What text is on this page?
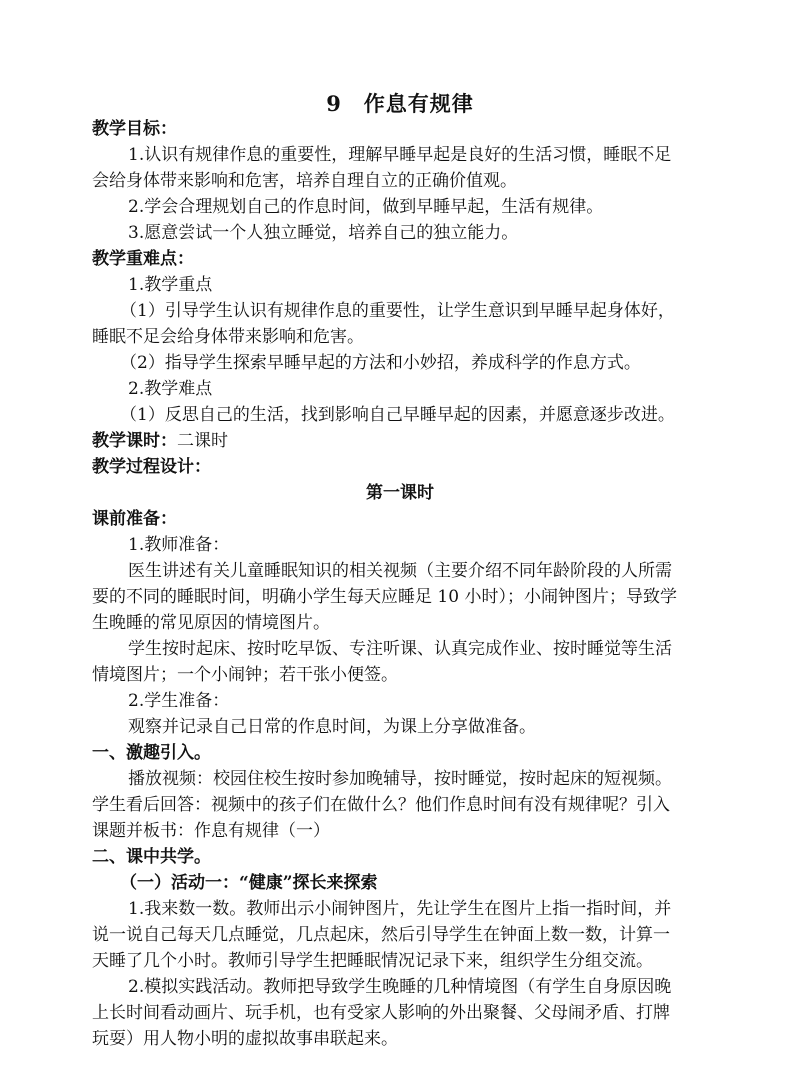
9　作息有规律
教学目标：
1.认识有规律作息的重要性，理解早睡早起是良好的生活习惯，睡眠不足
会给身体带来影响和危害，培养自理自立的正确价值观。
2.学会合理规划自己的作息时间，做到早睡早起，生活有规律。
3.愿意尝试一个人独立睡觉，培养自己的独立能力。
教学重难点：
1.教学重点
（1）引导学生认识有规律作息的重要性，让学生意识到早睡早起身体好，
睡眠不足会给身体带来影响和危害。
（2）指导学生探索早睡早起的方法和小妙招，养成科学的作息方式。
2.教学难点
（1）反思自己的生活，找到影响自己早睡早起的因素，并愿意逐步改进。
教学课时：二课时
教学过程设计：
第一课时
课前准备：
1.教师准备：
医生讲述有关儿童睡眠知识的相关视频（主要介绍不同年龄阶段的人所需
要的不同的睡眠时间，明确小学生每天应睡足 10 小时）；小闹钟图片；导致学
生晚睡的常见原因的情境图片。
学生按时起床、按时吃早饭、专注听课、认真完成作业、按时睡觉等生活
情境图片；一个小闹钟；若干张小便签。
2.学生准备：
观察并记录自己日常的作息时间，为课上分享做准备。
一、激趣引入。
播放视频：校园住校生按时参加晚辅导，按时睡觉，按时起床的短视频。
学生看后回答：视频中的孩子们在做什么？他们作息时间有没有规律呢？引入
课题并板书：作息有规律（一）
二、课中共学。
（一）活动一：“健康”探长来探索
1.我来数一数。教师出示小闹钟图片，先让学生在图片上指一指时间，并
说一说自己每天几点睡觉，几点起床，然后引导学生在钟面上数一数，计算一
天睡了几个小时。教师引导学生把睡眠情况记录下来，组织学生分组交流。
2.模拟实践活动。教师把导致学生晚睡的几种情境图（有学生自身原因晚
上长时间看动画片、玩手机，也有受家人影响的外出聚餐、父母闹矛盾、打牌
玩耍）用人物小明的虚拟故事串联起来。
